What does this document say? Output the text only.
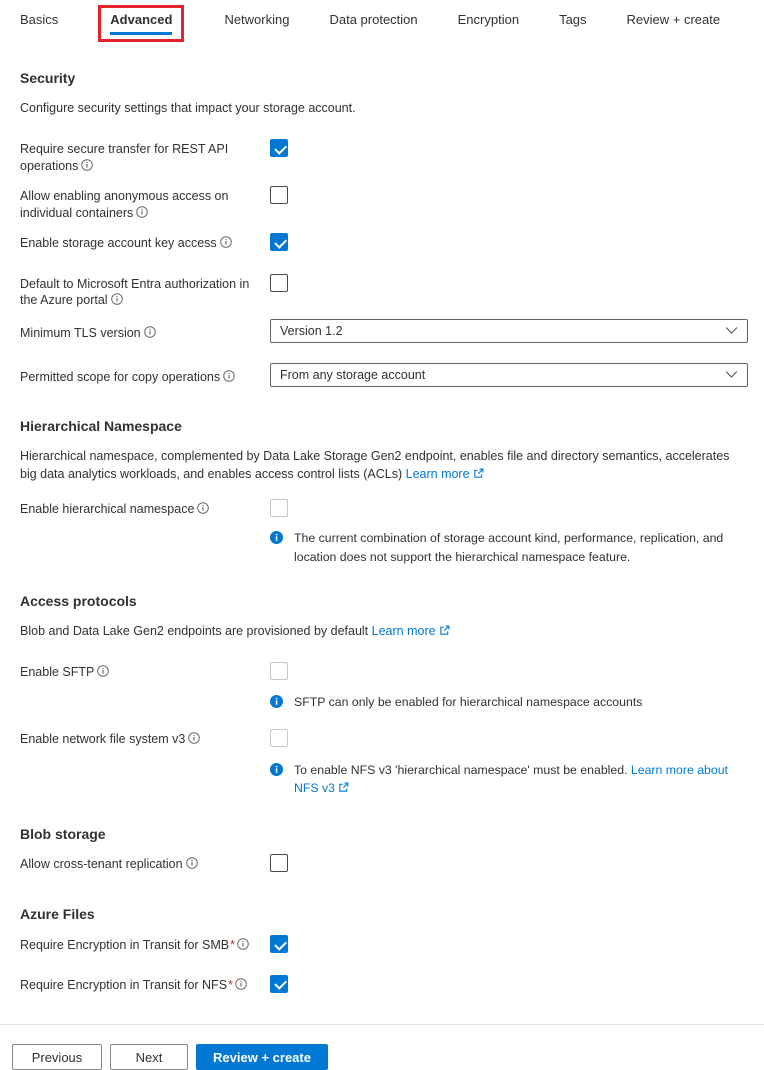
Basics	Advanced	Networking	Data protection	Encryption	Tags	Review + create
Security
Configure security settings that impact your storage account.
Require secure transfer for REST API operations
Allow enabling anonymous access on individual containers
Enable storage account key access
Default to Microsoft Entra authorization in the Azure portal
Minimum TLS version	Version 1.2
Permitted scope for copy operations	From any storage account
Hierarchical Namespace
Hierarchical namespace, complemented by Data Lake Storage Gen2 endpoint, enables file and directory semantics, accelerates big data analytics workloads, and enables access control lists (ACLs) Learn more
Enable hierarchical namespace
The current combination of storage account kind, performance, replication, and location does not support the hierarchical namespace feature.
Access protocols
Blob and Data Lake Gen2 endpoints are provisioned by default Learn more
Enable SFTP
SFTP can only be enabled for hierarchical namespace accounts
Enable network file system v3
To enable NFS v3 'hierarchical namespace' must be enabled. Learn more about NFS v3
Blob storage
Allow cross-tenant replication
Azure Files
Require Encryption in Transit for SMB*
Require Encryption in Transit for NFS*
Previous	Next	Review + create
